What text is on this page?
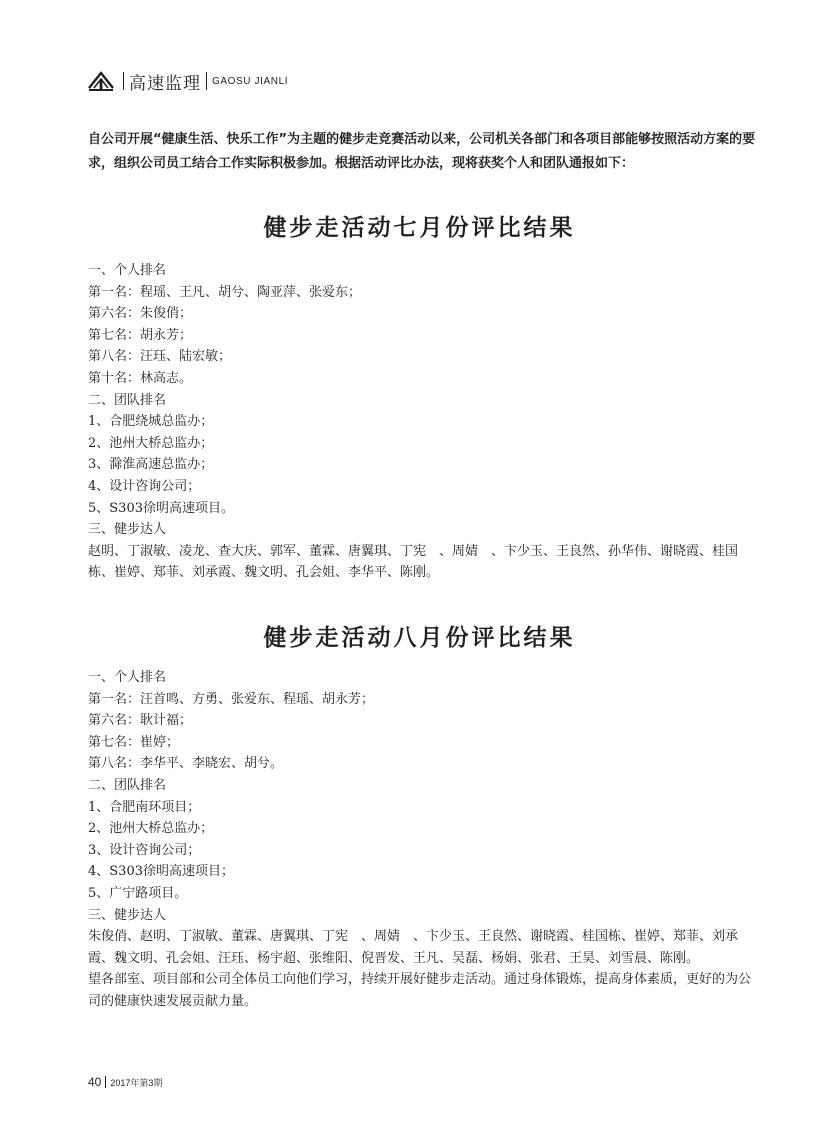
高速监理 GAOSU JIANLI

自公司开展“健康生活、快乐工作”为主题的健步走竞赛活动以来，公司机关各部门和各项目部能够按照活动方案的要求，组织公司员工结合工作实际积极参加。根据活动评比办法，现将获奖个人和团队通报如下：

健步走活动七月份评比结果
一、个人排名
第一名：程瑶、王凡、胡兮、陶亚萍、张爱东；
第六名：朱俊俏；
第七名：胡永芳；
第八名：汪珏、陆宏敏；
第十名：林高志。
二、团队排名
1、合肥绕城总监办；
2、池州大桥总监办；
3、滁淮高速总监办；
4、设计咨询公司；
5、S303徐明高速项目。
三、健步达人
赵明、丁淑敏、凌龙、查大庆、郭军、董霖、唐翼琪、丁宪　、周婧　、卞少玉、王良然、孙华伟、谢晓霞、桂国栋、崔婷、郑菲、刘承霞、魏文明、孔会姐、李华平、陈刚。
健步走活动八月份评比结果
一、个人排名
第一名：汪首鸣、方勇、张爱东、程瑶、胡永芳；
第六名：耿计福；
第七名：崔婷；
第八名：李华平、李晓宏、胡兮。
二、团队排名
1、合肥南环项目；
2、池州大桥总监办；
3、设计咨询公司；
4、S303徐明高速项目；
5、广宁路项目。
三、健步达人
朱俊俏、赵明、丁淑敏、董霖、唐翼琪、丁宪　、周婧　、卞少玉、王良然、谢晓霞、桂国栋、崔婷、郑菲、刘承霞、魏文明、孔会姐、汪珏、杨宇超、张维阳、倪晋发、王凡、吴磊、杨娟、张君、王昊、刘雪晨、陈刚。
望各部室、项目部和公司全体员工向他们学习，持续开展好健步走活动。通过身体锻炼，提高身体素质，更好的为公司的健康快速发展贡献力量。
40 2017年第3期
